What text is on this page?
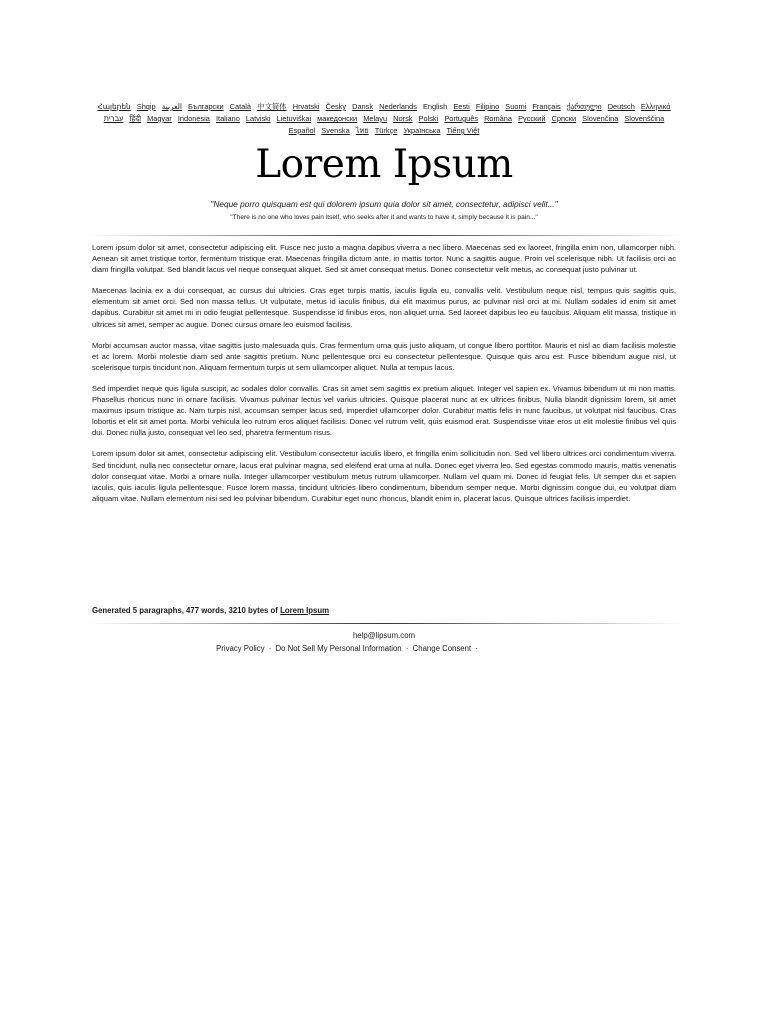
Հայերեն Shqip العربية Български Català 中文简体 Hrvatski Česky Dansk Nederlands English Eesti Filipino Suomi Français ქართული Deutsch Ελληνικά
עברית हिंदी Magyar Indonesia Italiano Latviski Lietuviškai македонски Melayu Norsk Polski Português Româna Русский Српски Slovenčina Slovenščina
Español Svenska ไทย Türkçe Українська Tiếng Việt
Lorem Ipsum
"Neque porro quisquam est qui dolorem ipsum quia dolor sit amet, consectetur, adipisci velit..."
"There is no one who loves pain itself, who seeks after it and wants to have it, simply because it is pain..."

Lorem ipsum dolor sit amet, consectetur adipiscing elit. Fusce nec justo a magna dapibus viverra a nec libero. Maecenas sed ex laoreet, fringilla enim non, ullamcorper nibh. Aenean sit amet tristique tortor, fermentum tristique erat. Maecenas fringilla dictum ante, in mattis tortor. Nunc a sagittis augue. Proin vel scelerisque nibh. Ut facilisis orci ac diam fringilla volutpat. Sed blandit lacus vel neque consequat aliquet. Sed sit amet consequat metus. Donec consectetur velit metus, ac consequat justo pulvinar ut.

Maecenas lacinia ex a dui consequat, ac cursus dui ultricies. Cras eget turpis mattis, iaculis ligula eu, convallis velit. Vestibulum neque nisl, tempus quis sagittis quis, elementum sit amet orci. Sed non massa tellus. Ut vulputate, metus id iaculis finibus, dui elit maximus purus, ac pulvinar nisl orci at mi. Nullam sodales id enim sit amet dapibus. Curabitur sit amet mi in odio feugiat pellentesque. Suspendisse id finibus eros, non aliquet urna. Sed laoreet dapibus leo eu faucibus. Aliquam elit massa, tristique in ultrices sit amet, semper ac augue. Donec cursus ornare leo euismod facilisis.

Morbi accumsan auctor massa, vitae sagittis justo malesuada quis. Cras fermentum urna quis justo aliquam, ut congue libero porttitor. Mauris et nisl ac diam facilisis molestie et ac lorem. Morbi molestie diam sed ante sagittis pretium. Nunc pellentesque orci eu consectetur pellentesque. Quisque quis arcu est. Fusce bibendum augue nisl, ut scelerisque turpis tincidunt non. Aliquam fermentum turpis ut sem ullamcorper aliquet. Nulla at tempus lacus.

Sed imperdiet neque quis ligula suscipit, ac sodales dolor convallis. Cras sit amet sem sagittis ex pretium aliquet. Integer vel sapien ex. Vivamus bibendum ut mi non mattis. Phasellus rhoncus nunc in ornare facilisis. Vivamus pulvinar lectus vel varius ultricies. Quisque placerat nunc at ex ultrices finibus. Nulla blandit dignissim lorem, sit amet maximus ipsum tristique ac. Nam turpis nisl, accumsan semper lacus sed, imperdiet ullamcorper dolor. Curabitur mattis felis in nunc faucibus, ut volutpat nisl faucibus. Cras lobortis et elit sit amet porta. Morbi vehicula leo rutrum eros aliquet facilisis. Donec vel rutrum velit, quis euismod erat. Suspendisse vitae eros ut elit molestie finibus vel quis dui. Donec nulla justo, consequat vel leo sed, pharetra fermentum risus.

Lorem ipsum dolor sit amet, consectetur adipiscing elit. Vestibulum consectetur iaculis libero, et fringilla enim sollicitudin non. Sed vel libero ultrices orci condimentum viverra. Sed tincidunt, nulla nec consectetur ornare, lacus erat pulvinar magna, sed eleifend erat urna at nulla. Donec eget viverra leo. Sed egestas commodo mauris, mattis venenatis dolor consequat vitae. Morbi a ornare nulla. Integer ullamcorper vestibulum metus rutrum ullamcorper. Nullam vel quam mi. Donec id feugiat felis. Ut semper dui et sapien iaculis, quis iaculis ligula pellentesque. Fusce lorem massa, tincidunt ultricies libero condimentum, bibendum semper neque. Morbi dignissim congue dui, eu volutpat diam aliquam vitae. Nullam elementum nisi sed leo pulvinar bibendum. Curabitur eget nunc rhoncus, blandit enim in, placerat lacus. Quisque ultrices facilisis imperdiet.

Generated 5 paragraphs, 477 words, 3210 bytes of Lorem Ipsum
help@lipsum.com
Privacy Policy · Do Not Sell My Personal Information · Change Consent ·
